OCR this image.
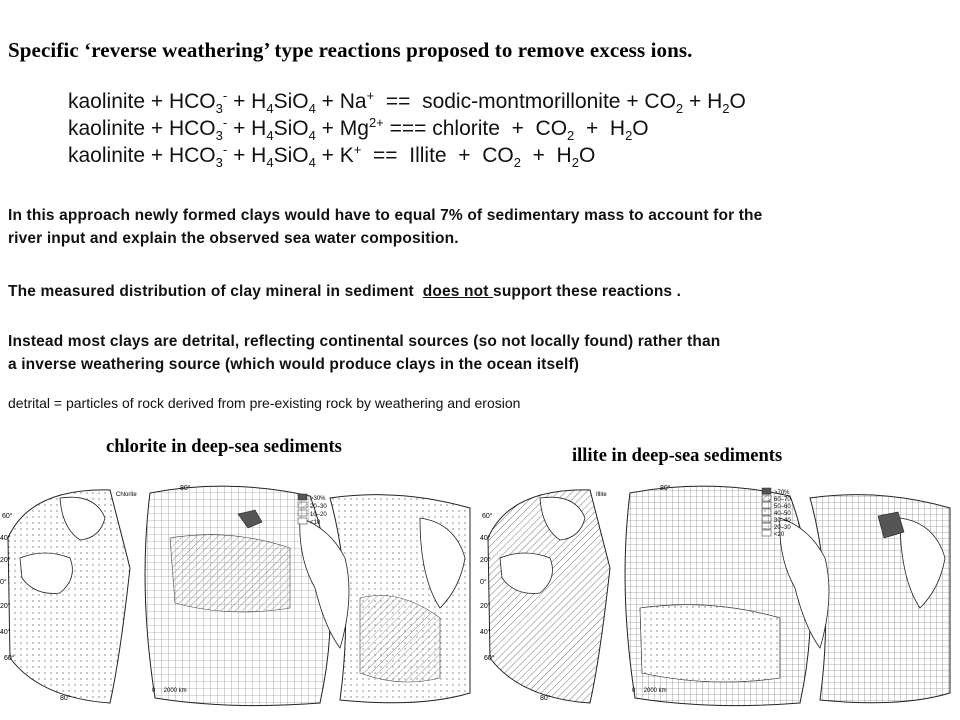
Specific ‘reverse weathering’ type reactions proposed to remove excess ions.
kaolinite + $HCO_3^- + H_4SiO_4 + Na^+$  ==  sodic-montmorillonite + $CO_2 + H_2O$
kaolinite + $HCO_3^- + H_4SiO_4 + Mg^{2+}$ === chlorite  +  $CO_2 + H_2O$
kaolinite + $HCO_3^- + H_4SiO_4 + K^+$  ==  Illite  +  $CO_2 + H_2O$
In this approach newly formed clays would have to equal 7% of sedimentary mass to account for the
river input and explain the observed sea water composition.
The measured distribution of clay mineral in sediment  does not support these reactions .
Instead most clays are detrital, reflecting continental sources (so not locally found) rather than
a inverse weathering source (which would produce clays in the ocean itself)
detrital = particles of rock derived from pre-existing rock by weathering and erosion
chlorite in deep-sea sediments	illite in deep-sea sediments
>30%
20–30
10–20
<10
Chlorite
0     2000 km
80°
60°
40°
20°
0°
20°
40°
60°
80°
>70%
60–70
50–60
40–50
30–40
20–30
<20
Illite
0     2000 km
80°
60°
40°
20°
0°
20°
40°
60°
80°
